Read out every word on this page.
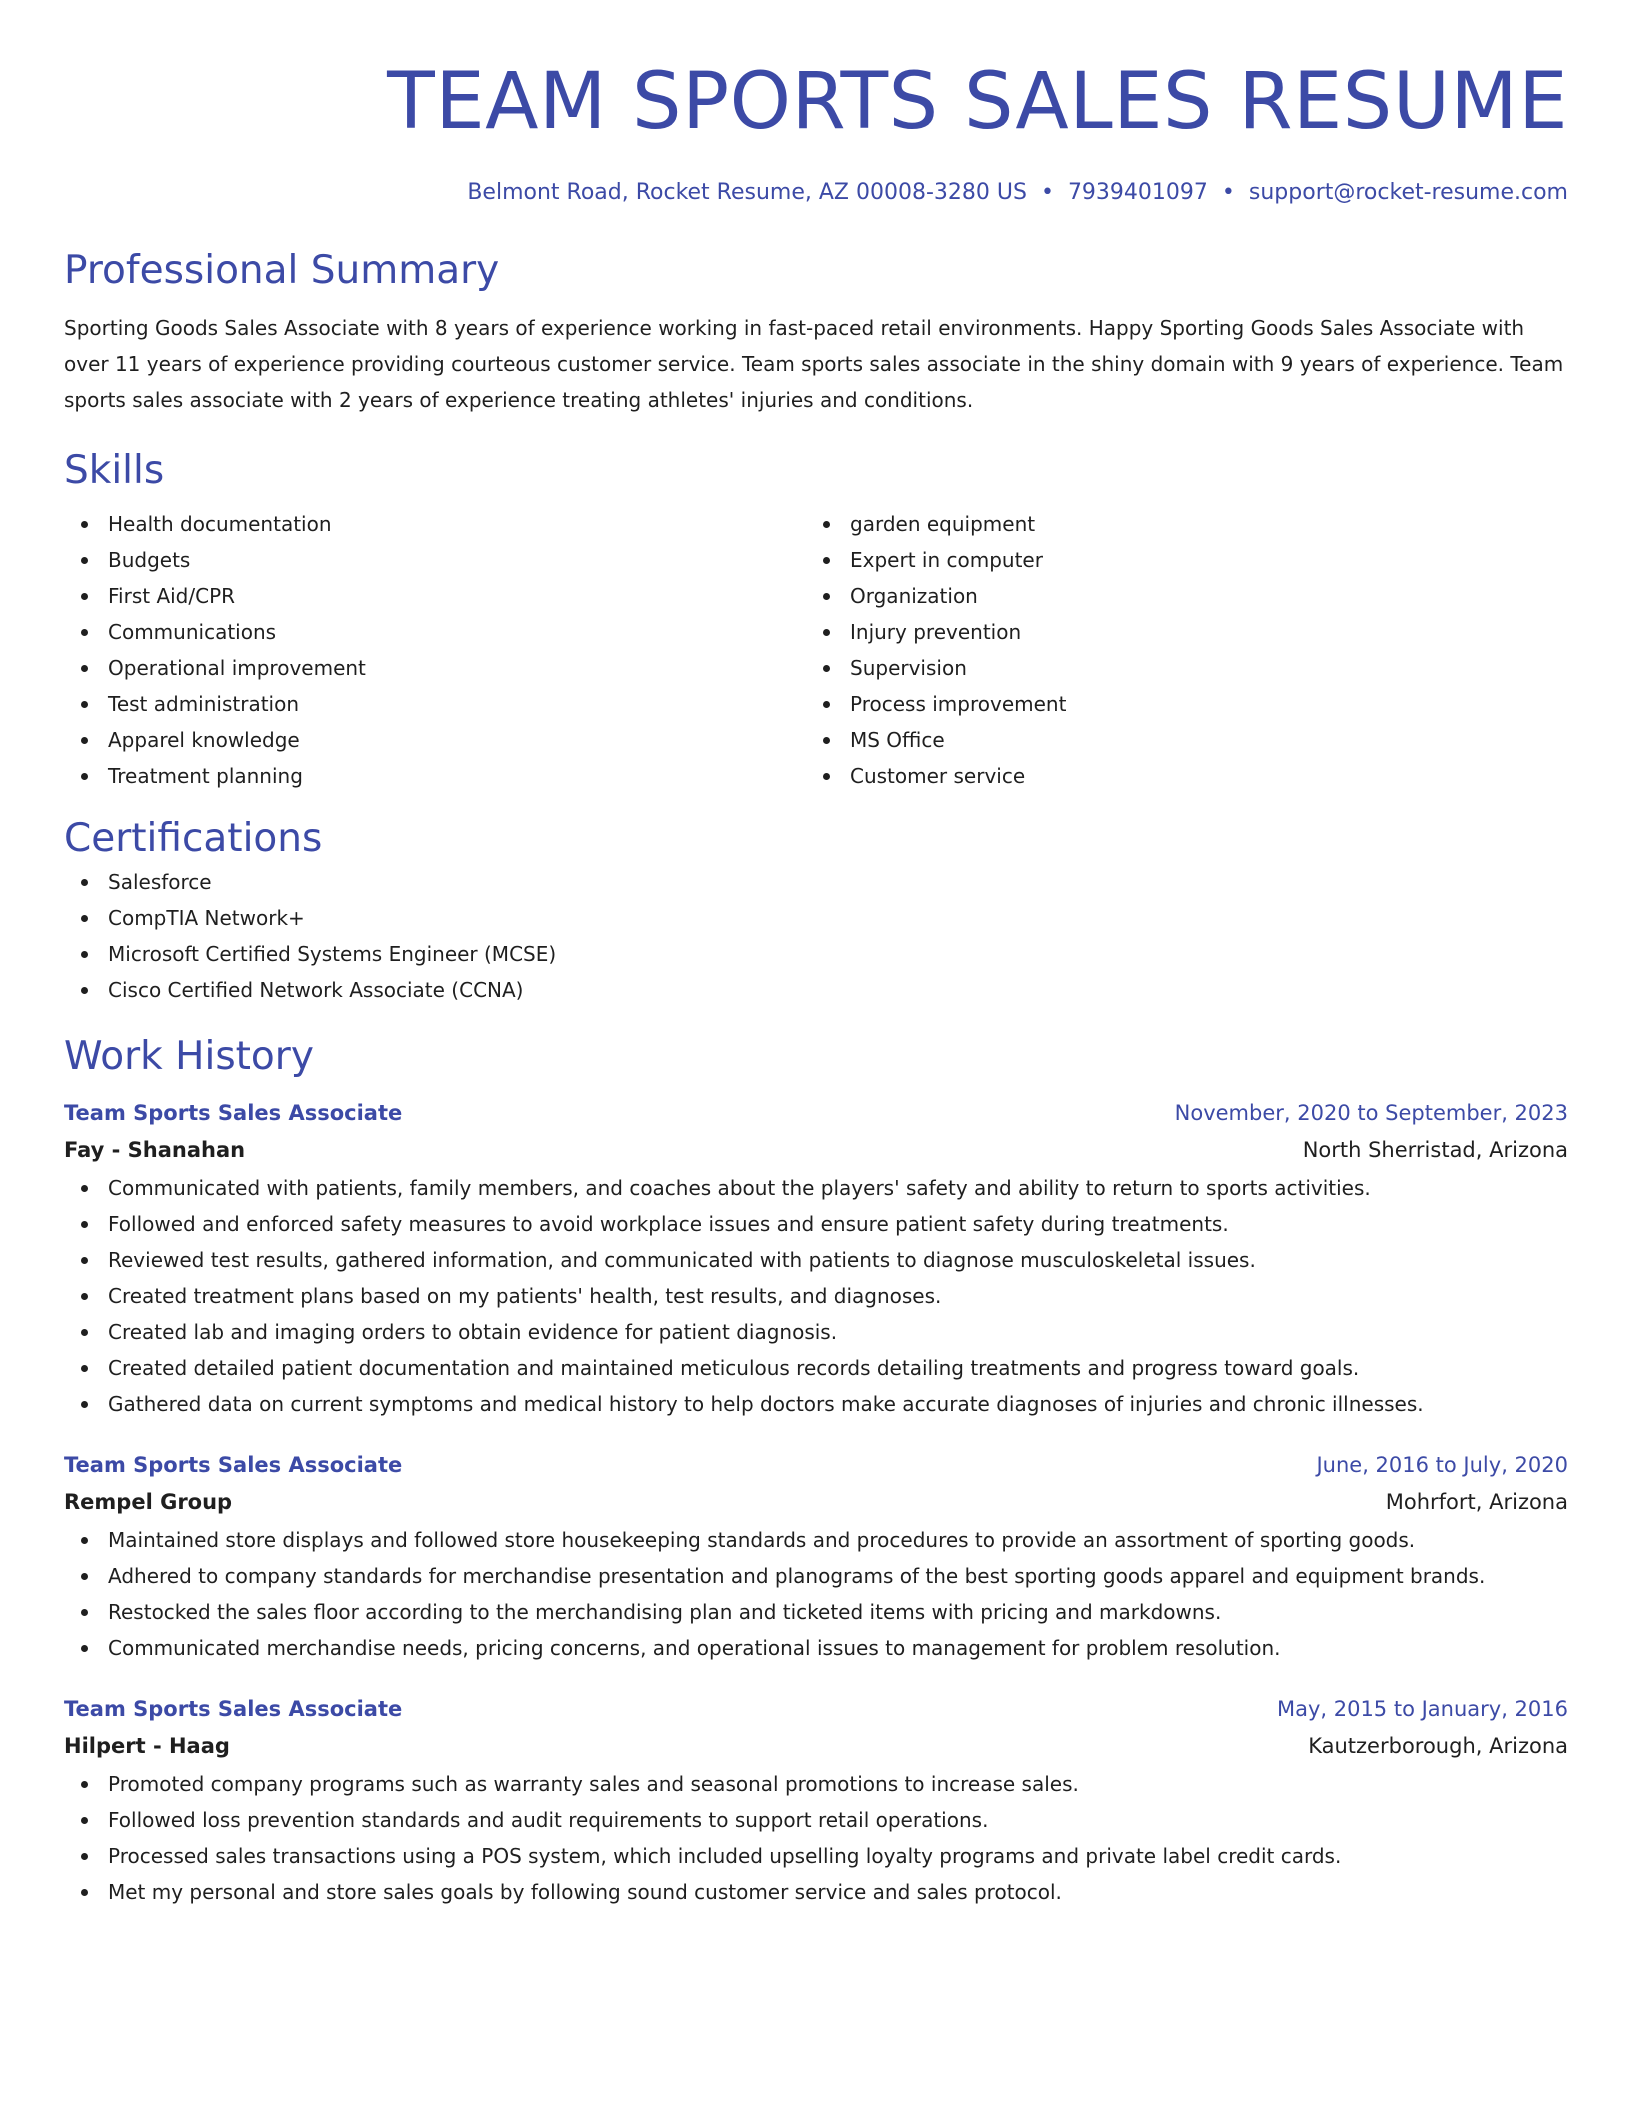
TEAM SPORTS SALES RESUME
Belmont Road, Rocket Resume, AZ 00008-3280 US • 7939401097 • support@rocket-resume.com
Professional Summary

Sporting Goods Sales Associate with 8 years of experience working in fast-paced retail environments. Happy Sporting Goods Sales Associate with over 11 years of experience providing courteous customer service. Team sports sales associate in the shiny domain with 9 years of experience. Team sports sales associate with 2 years of experience treating athletes' injuries and conditions.

Skills
Health documentation
Budgets
First Aid/CPR
Communications
Operational improvement
Test administration
Apparel knowledge
Treatment planning
garden equipment
Expert in computer
Organization
Injury prevention
Supervision
Process improvement
MS Office
Customer service
Certifications
Salesforce
CompTIA Network+
Microsoft Certified Systems Engineer (MCSE)
Cisco Certified Network Associate (CCNA)
Work History
Team Sports Sales Associate	November, 2020 to September, 2023
Fay - Shanahan	North Sherristad, Arizona
Communicated with patients, family members, and coaches about the players' safety and ability to return to sports activities.
Followed and enforced safety measures to avoid workplace issues and ensure patient safety during treatments.
Reviewed test results, gathered information, and communicated with patients to diagnose musculoskeletal issues.
Created treatment plans based on my patients' health, test results, and diagnoses.
Created lab and imaging orders to obtain evidence for patient diagnosis.
Created detailed patient documentation and maintained meticulous records detailing treatments and progress toward goals.
Gathered data on current symptoms and medical history to help doctors make accurate diagnoses of injuries and chronic illnesses.
Team Sports Sales Associate	June, 2016 to July, 2020
Rempel Group	Mohrfort, Arizona
Maintained store displays and followed store housekeeping standards and procedures to provide an assortment of sporting goods.
Adhered to company standards for merchandise presentation and planograms of the best sporting goods apparel and equipment brands.
Restocked the sales floor according to the merchandising plan and ticketed items with pricing and markdowns.
Communicated merchandise needs, pricing concerns, and operational issues to management for problem resolution.
Team Sports Sales Associate	May, 2015 to January, 2016
Hilpert - Haag	Kautzerborough, Arizona
Promoted company programs such as warranty sales and seasonal promotions to increase sales.
Followed loss prevention standards and audit requirements to support retail operations.
Processed sales transactions using a POS system, which included upselling loyalty programs and private label credit cards.
Met my personal and store sales goals by following sound customer service and sales protocol.
